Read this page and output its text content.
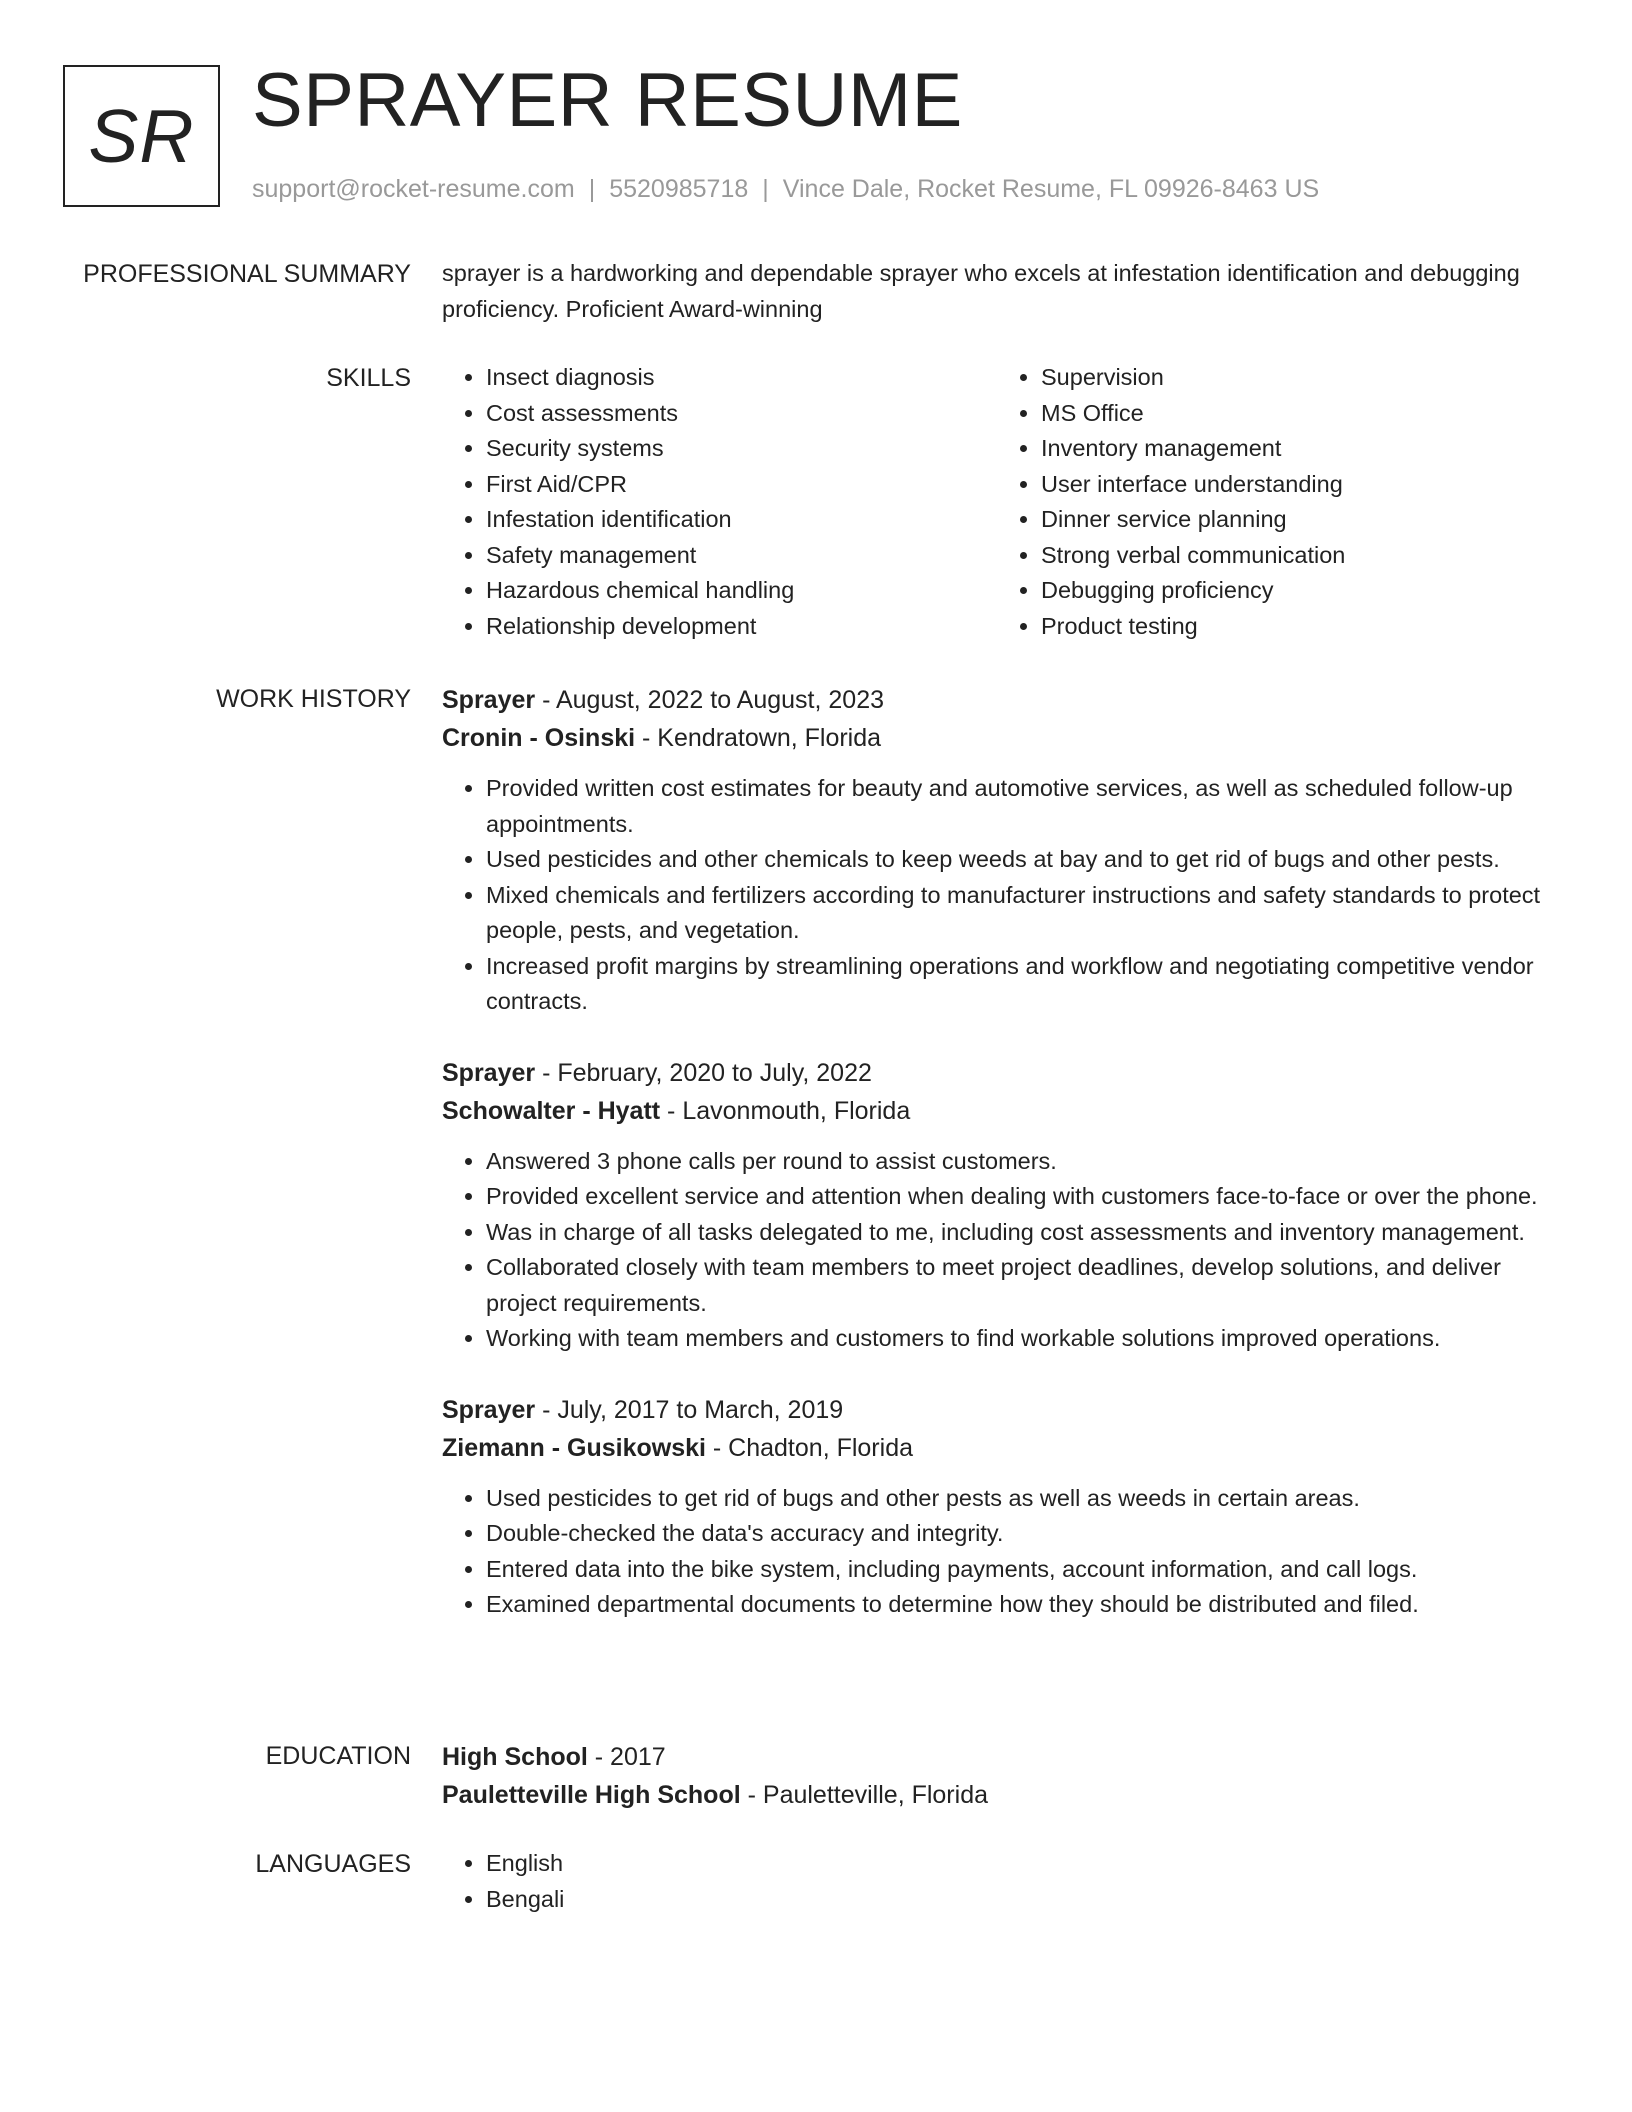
SR SPRAYER RESUME
support@rocket-resume.com | 5520985718 | Vince Dale, Rocket Resume, FL 09926-8463 US
PROFESSIONAL SUMMARY sprayer is a hardworking and dependable sprayer who excels at infestation identification and debugging proficiency. Proficient Award-winning

SKILLS	• Insect diagnosis
• Cost assessments
• Security systems
• First Aid/CPR
• Infestation identification
• Safety management
• Hazardous chemical handling
• Relationship development
• Supervision
• MS Office
• Inventory management
• User interface understanding
• Dinner service planning
• Strong verbal communication
• Debugging proficiency
• Product testing
WORK HISTORY Sprayer - August, 2022 to August, 2023
Cronin - Osinski - Kendratown, Florida
• Provided written cost estimates for beauty and automotive services, as well as scheduled follow-up appointments.
• Used pesticides and other chemicals to keep weeds at bay and to get rid of bugs and other pests.
• Mixed chemicals and fertilizers according to manufacturer instructions and safety standards to protect people, pests, and vegetation.
• Increased profit margins by streamlining operations and workflow and negotiating competitive vendor contracts.
Sprayer - February, 2020 to July, 2022
Schowalter - Hyatt - Lavonmouth, Florida
• Answered 3 phone calls per round to assist customers.
• Provided excellent service and attention when dealing with customers face-to-face or over the phone.
• Was in charge of all tasks delegated to me, including cost assessments and inventory management.
• Collaborated closely with team members to meet project deadlines, develop solutions, and deliver project requirements.
• Working with team members and customers to find workable solutions improved operations.
Sprayer - July, 2017 to March, 2019
Ziemann - Gusikowski - Chadton, Florida
• Used pesticides to get rid of bugs and other pests as well as weeds in certain areas.
• Double-checked the data's accuracy and integrity.
• Entered data into the bike system, including payments, account information, and call logs.
• Examined departmental documents to determine how they should be distributed and filed.
EDUCATION High School - 2017
Pauletteville High School - Pauletteville, Florida
LANGUAGES	• English
• Bengali
